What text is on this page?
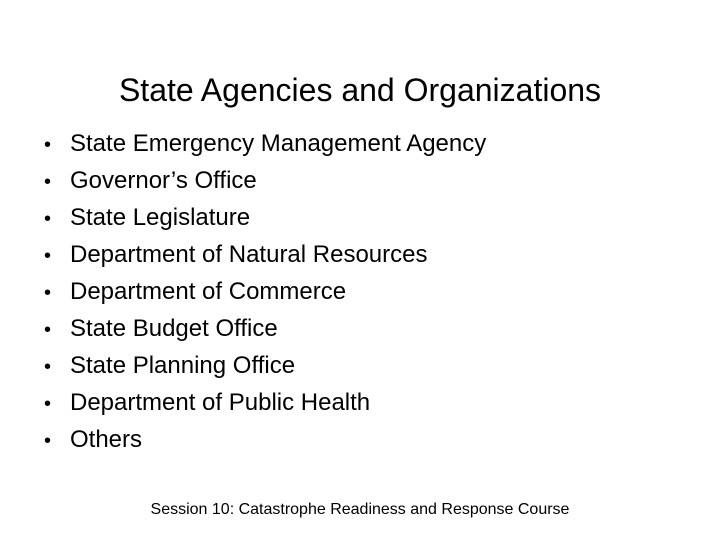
State Agencies and Organizations
• State Emergency Management Agency
• Governor’s Office
• State Legislature
• Department of Natural Resources
• Department of Commerce
• State Budget Office
• State Planning Office
• Department of Public Health
• Others
Session 10: Catastrophe Readiness and Response Course
